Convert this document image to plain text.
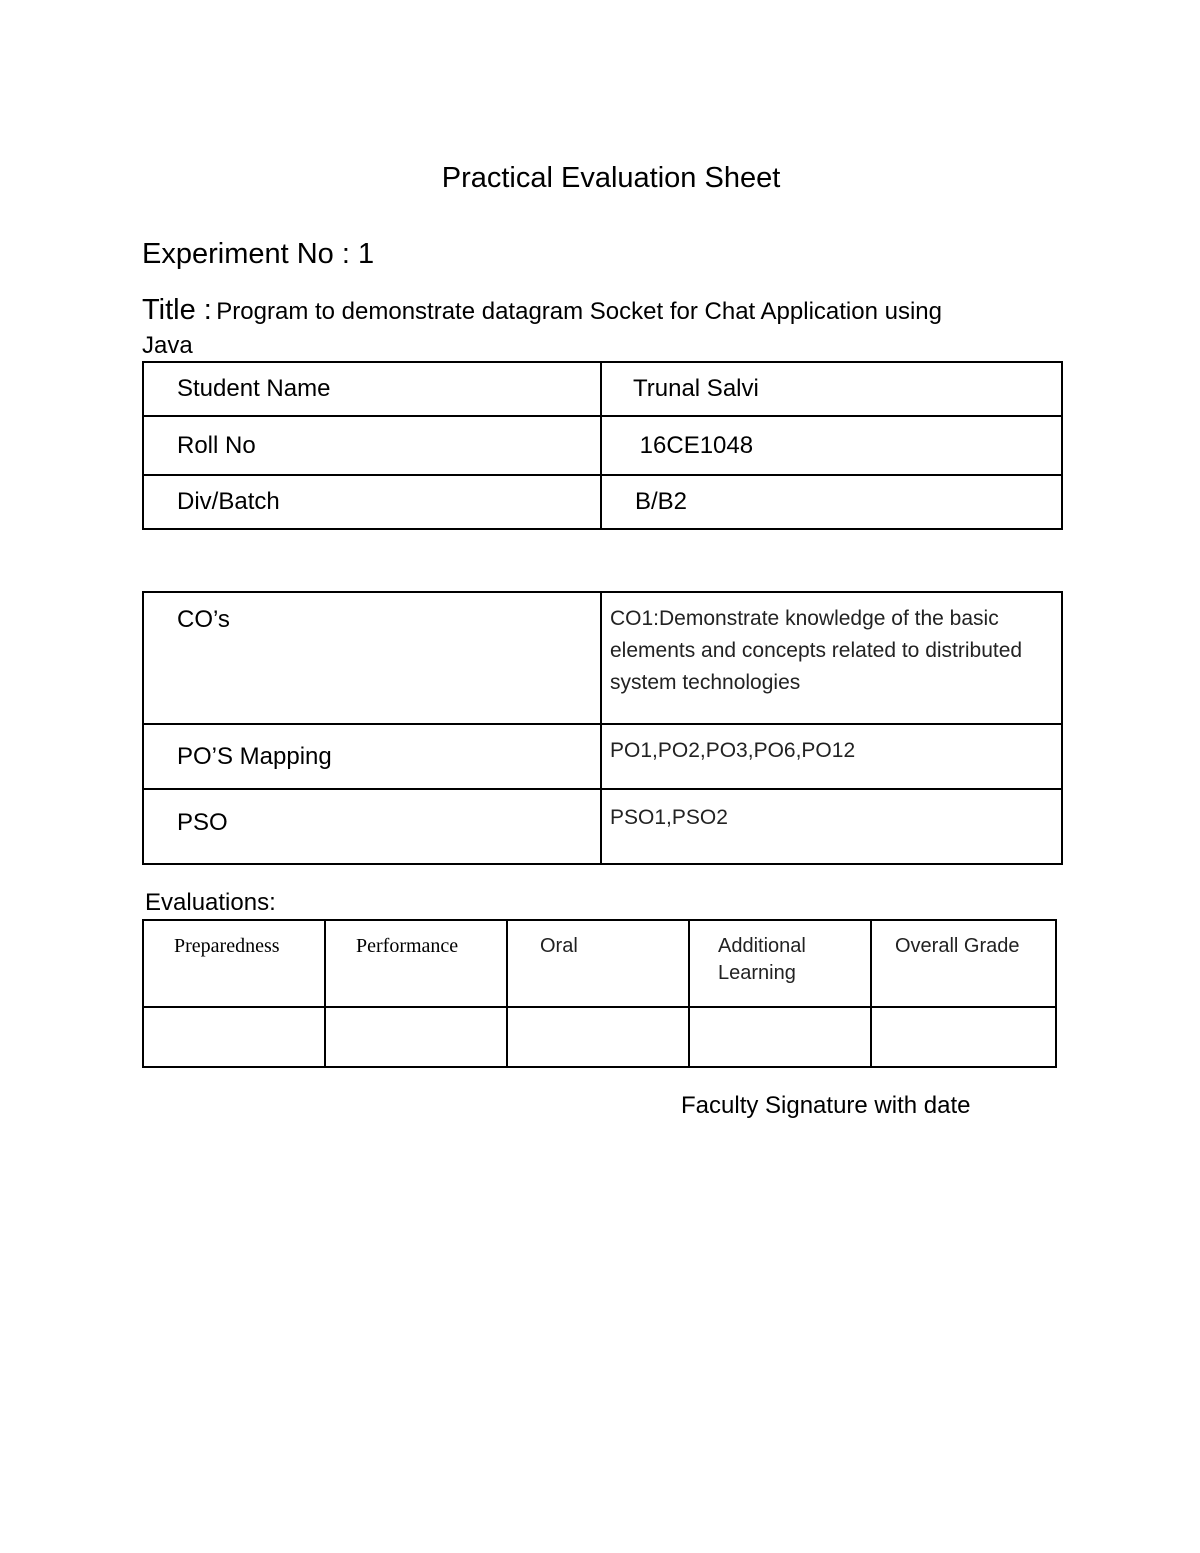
Practical Evaluation Sheet
Experiment No : 1
Title : Program to demonstrate datagram Socket for Chat Application using
Java
Student Name	Trunal Salvi
Roll No	16CE1048
Div/Batch	B/B2
CO’s	CO1:Demonstrate knowledge of the basic elements and concepts related to distributed system technologies
PO’S Mapping	PO1,PO2,PO3,PO6,PO12
PSO	PSO1,PSO2
Evaluations:
Preparedness	Performance	Oral	Additional Learning	Overall Grade

Faculty Signature with date
